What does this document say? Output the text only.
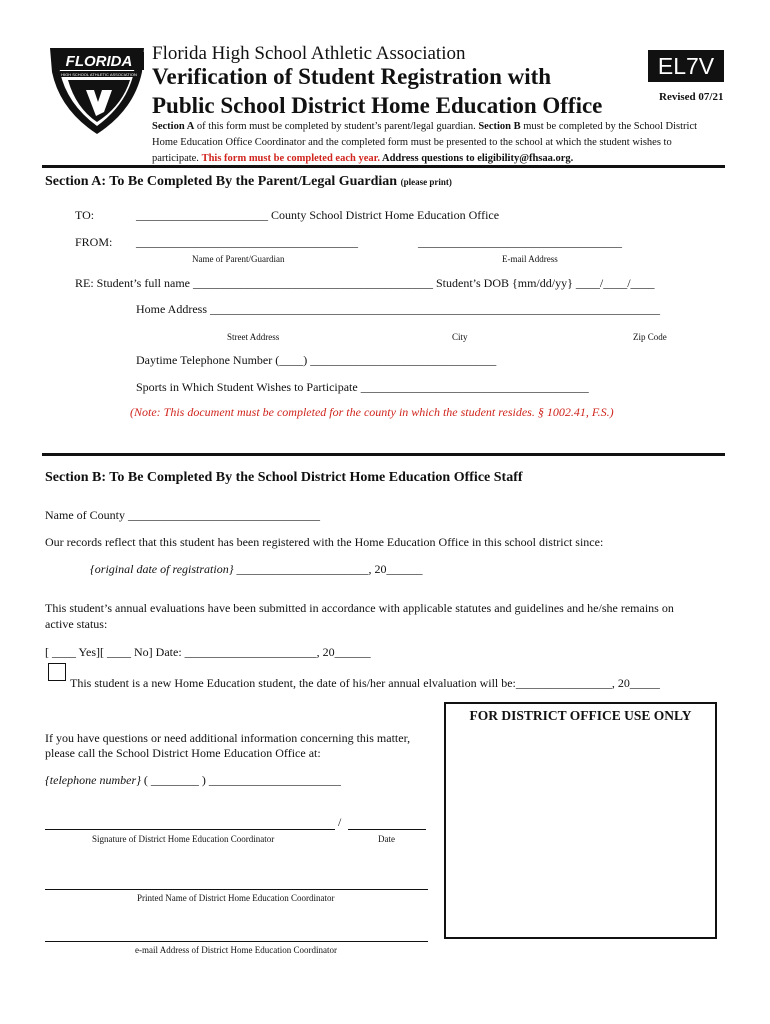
FLORIDA
HIGH SCHOOL ATHLETIC ASSOCIATION
Florida High School Athletic Association
Verification of Student Registration with
Public School District Home Education Office
EL7V
Revised 07/21
Section A of this form must be completed by student’s parent/legal guardian. Section B must be completed by the School District Home Education Office Coordinator and the completed form must be presented to the school at which the student wishes to participate. This form must be completed each year. Address questions to eligibility@fhsaa.org.
Section A: To Be Completed By the Parent/Legal Guardian (please print)
TO:	______________________ County School District Home Education Office
FROM: _____________________________________	__________________________________
Name of Parent/Guardian	E-mail Address
RE: Student’s full name ________________________________________ Student’s DOB {mm/dd/yy} ____/____/____
Home Address ___________________________________________________________________________
Street Address	City	Zip Code
Daytime Telephone Number (____) _______________________________
Sports in Which Student Wishes to Participate ______________________________________
(Note: This document must be completed for the county in which the student resides. § 1002.41, F.S.)
Section B: To Be Completed By the School District Home Education Office Staff
Name of County ________________________________
Our records reflect that this student has been registered with the Home Education Office in this school district since:
{original date of registration} ______________________, 20______
This student’s annual evaluations have been submitted in accordance with applicable statutes and guidelines and he/she remains on
active status:
[ ____ Yes][ ____ No] Date: ______________________, 20______
This student is a new Home Education student, the date of his/her annual elvaluation will be:________________, 20_____
FOR DISTRICT OFFICE USE ONLY
If you have questions or need additional information concerning this matter,
please call the School District Home Education Office at:
{telephone number} ( ________ ) ______________________
/
Signature of District Home Education Coordinator	Date
Printed Name of District Home Education Coordinator
e-mail Address of District Home Education Coordinator
